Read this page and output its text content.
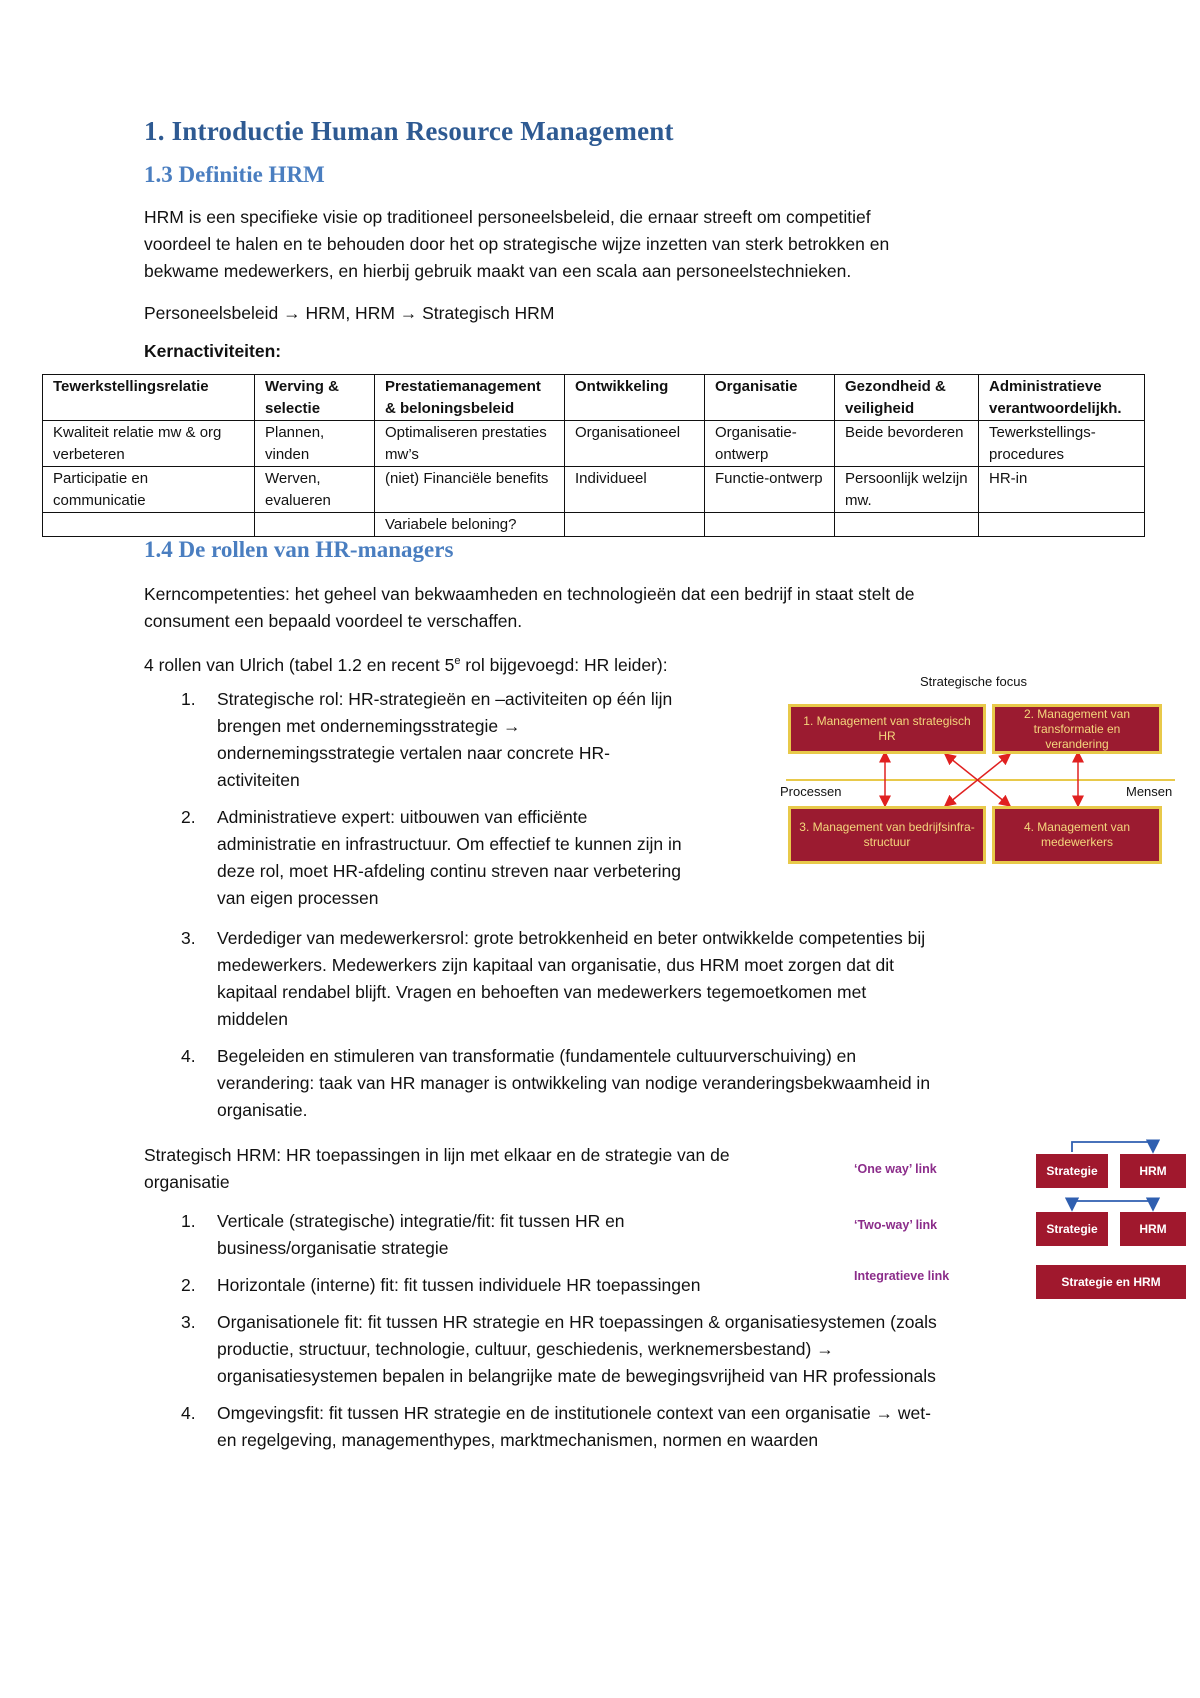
1. Introductie Human Resource Management
1.3 Definitie HRM
HRM is een specifieke visie op traditioneel personeelsbeleid, die ernaar streeft om competitief
voordeel te halen en te behouden door het op strategische wijze inzetten van sterk betrokken en
bekwame medewerkers, en hierbij gebruik maakt van een scala aan personeelstechnieken.
Personeelsbeleid → HRM, HRM → Strategisch HRM
Kernactiviteiten:
Tewerkstellingsrelatie	Werving & selectie	Prestatiemanagement & beloningsbeleid	Ontwikkeling	Organisatie	Gezondheid & veiligheid	Administratieve verantwoordelijkh.
Kwaliteit relatie mw & org verbeteren	Plannen, vinden	Optimaliseren prestaties mw’s	Organisationeel	Organisatie-ontwerp	Beide bevorderen	Tewerkstellings-procedures
Participatie en communicatie	Werven, evalueren	(niet) Financiële benefits	Individueel	Functie-ontwerp	Persoonlijk welzijn mw.	HR-in
		Variabele beloning?				
1.4 De rollen van HR-managers
Kerncompetenties: het geheel van bekwaamheden en technologieën dat een bedrijf in staat stelt de
consument een bepaald voordeel te verschaffen.
4 rollen van Ulrich (tabel 1.2 en recent 5e rol bijgevoegd: HR leider):
1. Strategische rol: HR-strategieën en –activiteiten op één lijn
brengen met ondernemingsstrategie →
ondernemingsstrategie vertalen naar concrete HR-
activiteiten
2. Administratieve expert: uitbouwen van efficiënte
administratie en infrastructuur. Om effectief te kunnen zijn in
deze rol, moet HR-afdeling continu streven naar verbetering
van eigen processen
3. Verdediger van medewerkersrol: grote betrokkenheid en beter ontwikkelde competenties bij
medewerkers. Medewerkers zijn kapitaal van organisatie, dus HRM moet zorgen dat dit
kapitaal rendabel blijft. Vragen en behoeften van medewerkers tegemoetkomen met
middelen
4. Begeleiden en stimuleren van transformatie (fundamentele cultuurverschuiving) en
verandering: taak van HR manager is ontwikkeling van nodige veranderingsbekwaamheid in
organisatie.
Strategisch HRM: HR toepassingen in lijn met elkaar en de strategie van de
organisatie
1. Verticale (strategische) integratie/fit: fit tussen HR en
business/organisatie strategie
2. Horizontale (interne) fit: fit tussen individuele HR toepassingen
3. Organisationele fit: fit tussen HR strategie en HR toepassingen & organisatiesystemen (zoals
productie, structuur, technologie, cultuur, geschiedenis, werknemersbestand) →
organisatiesystemen bepalen in belangrijke mate de bewegingsvrijheid van HR professionals
4. Omgevingsfit: fit tussen HR strategie en de institutionele context van een organisatie → wet-
en regelgeving, managementhypes, marktmechanismen, normen en waarden
Strategische focus
1. Management van strategisch HR
2. Management van transformatie en verandering
3. Management van bedrijfsinfra-structuur
4. Management van medewerkers
Processen	Mensen
‘One way’ link
‘Two-way’ link
Integratieve link
Strategie	HRM
Strategie	HRM
Strategie en HRM
